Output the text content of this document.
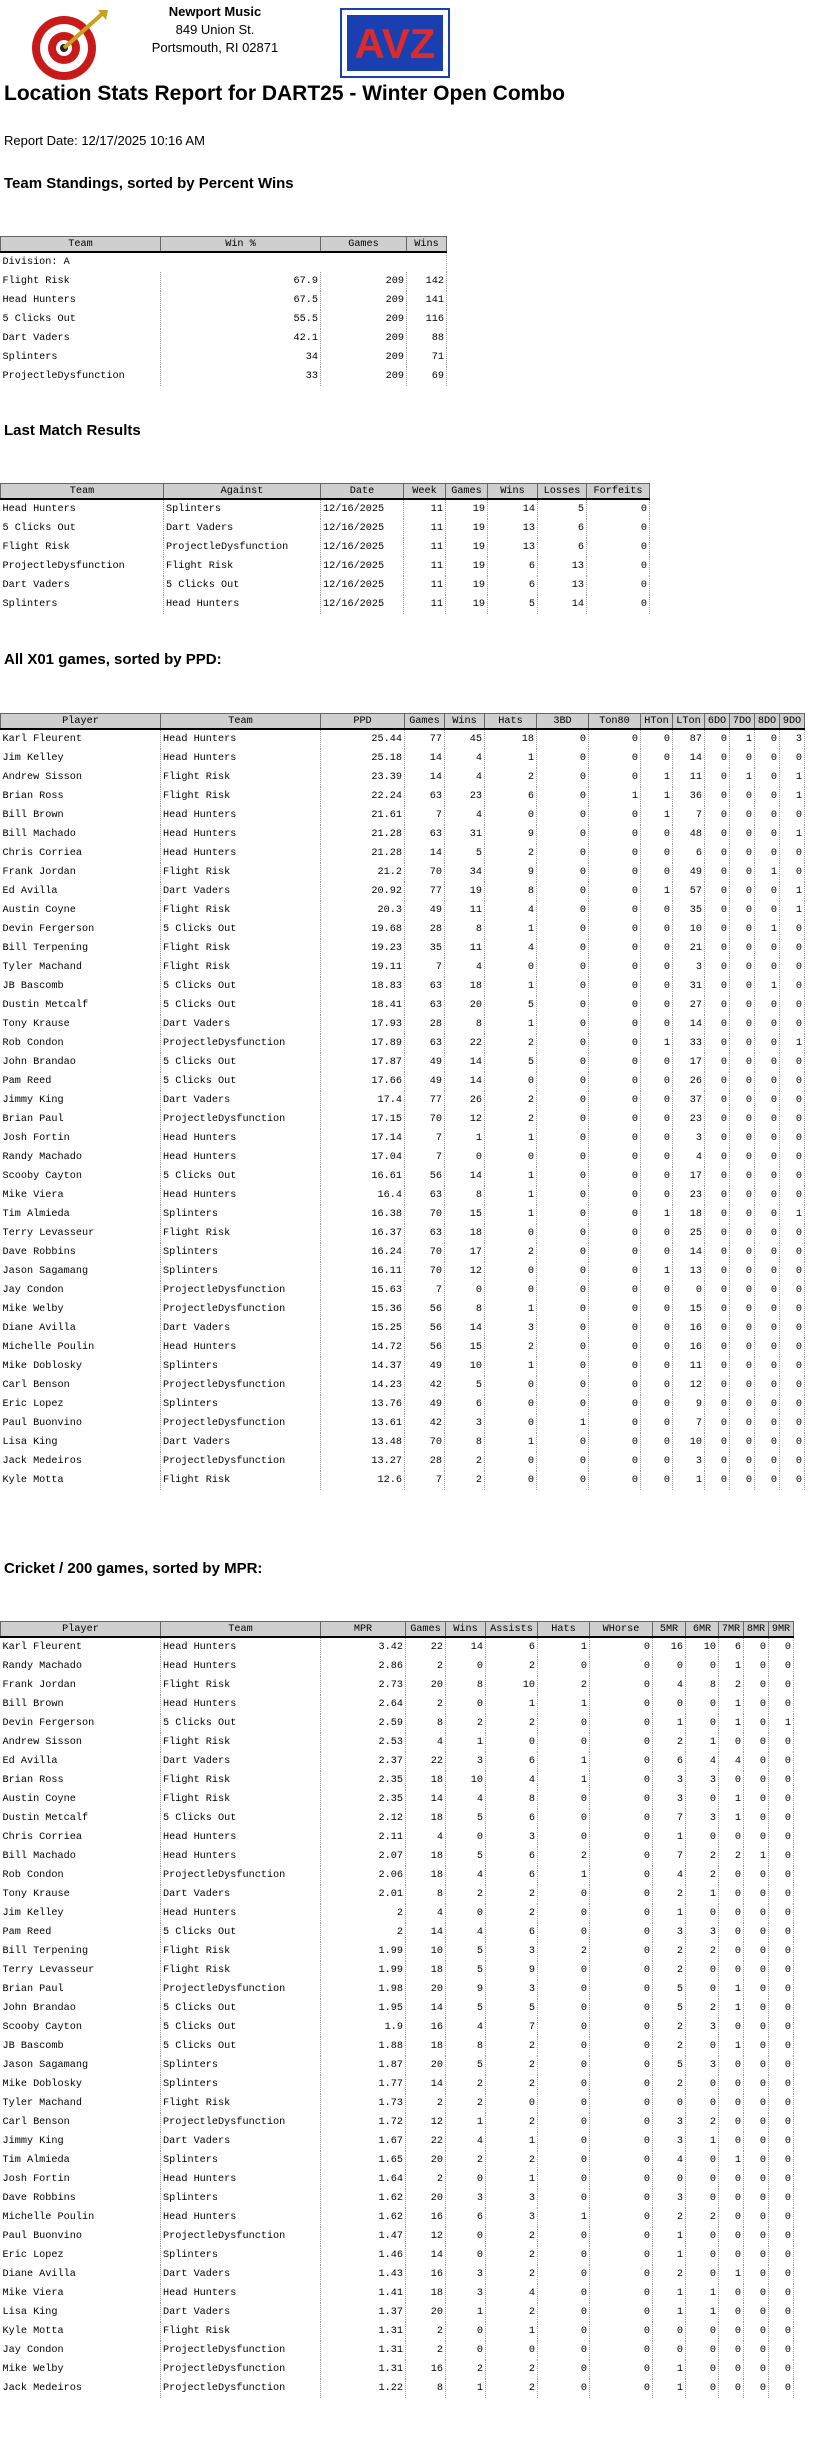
Newport Music
849 Union St.
Portsmouth, RI 02871 AVZ
Location Stats Report for DART25 - Winter Open Combo
Report Date: 12/17/2025 10:16 AM
Team Standings, sorted by Percent Wins
Team	Win %	Games	Wins
Division: A			
Flight Risk	67.9	209	142
Head Hunters	67.5	209	141
5 Clicks Out	55.5	209	116
Dart Vaders	42.1	209	88
Splinters	34	209	71
ProjectleDysfunction	33	209	69
Last Match Results
Team	Against	Date	Week	Games	Wins	Losses	Forfeits
Head Hunters	Splinters	12/16/2025	11	19	14	5	0
5 Clicks Out	Dart Vaders	12/16/2025	11	19	13	6	0
Flight Risk	ProjectleDysfunction	12/16/2025	11	19	13	6	0
ProjectleDysfunction	Flight Risk	12/16/2025	11	19	6	13	0
Dart Vaders	5 Clicks Out	12/16/2025	11	19	6	13	0
Splinters	Head Hunters	12/16/2025	11	19	5	14	0
All X01 games, sorted by PPD:
Player	Team	PPD	Games	Wins	Hats	3BD	Ton80	HTon	LTon	6DO	7DO	8DO	9DO
Karl Fleurent	Head Hunters	25.44	77	45	18	0	0	0	87	0	1	0	3
Jim Kelley	Head Hunters	25.18	14	4	1	0	0	0	14	0	0	0	0
Andrew Sisson	Flight Risk	23.39	14	4	2	0	0	1	11	0	1	0	1
Brian Ross	Flight Risk	22.24	63	23	6	0	1	1	36	0	0	0	1
Bill Brown	Head Hunters	21.61	7	4	0	0	0	1	7	0	0	0	0
Bill Machado	Head Hunters	21.28	63	31	9	0	0	0	48	0	0	0	1
Chris Corriea	Head Hunters	21.28	14	5	2	0	0	0	6	0	0	0	0
Frank Jordan	Flight Risk	21.2	70	34	9	0	0	0	49	0	0	1	0
Ed Avilla	Dart Vaders	20.92	77	19	8	0	0	1	57	0	0	0	1
Austin Coyne	Flight Risk	20.3	49	11	4	0	0	0	35	0	0	0	1
Devin Fergerson	5 Clicks Out	19.68	28	8	1	0	0	0	10	0	0	1	0
Bill Terpening	Flight Risk	19.23	35	11	4	0	0	0	21	0	0	0	0
Tyler Machand	Flight Risk	19.11	7	4	0	0	0	0	3	0	0	0	0
JB Bascomb	5 Clicks Out	18.83	63	18	1	0	0	0	31	0	0	1	0
Dustin Metcalf	5 Clicks Out	18.41	63	20	5	0	0	0	27	0	0	0	0
Tony Krause	Dart Vaders	17.93	28	8	1	0	0	0	14	0	0	0	0
Rob Condon	ProjectleDysfunction	17.89	63	22	2	0	0	1	33	0	0	0	1
John Brandao	5 Clicks Out	17.87	49	14	5	0	0	0	17	0	0	0	0
Pam Reed	5 Clicks Out	17.66	49	14	0	0	0	0	26	0	0	0	0
Jimmy King	Dart Vaders	17.4	77	26	2	0	0	0	37	0	0	0	0
Brian Paul	ProjectleDysfunction	17.15	70	12	2	0	0	0	23	0	0	0	0
Josh Fortin	Head Hunters	17.14	7	1	1	0	0	0	3	0	0	0	0
Randy Machado	Head Hunters	17.04	7	0	0	0	0	0	4	0	0	0	0
Scooby Cayton	5 Clicks Out	16.61	56	14	1	0	0	0	17	0	0	0	0
Mike Viera	Head Hunters	16.4	63	8	1	0	0	0	23	0	0	0	0
Tim Almieda	Splinters	16.38	70	15	1	0	0	1	18	0	0	0	1
Terry Levasseur	Flight Risk	16.37	63	18	0	0	0	0	25	0	0	0	0
Dave Robbins	Splinters	16.24	70	17	2	0	0	0	14	0	0	0	0
Jason Sagamang	Splinters	16.11	70	12	0	0	0	1	13	0	0	0	0
Jay Condon	ProjectleDysfunction	15.63	7	0	0	0	0	0	0	0	0	0	0
Mike Welby	ProjectleDysfunction	15.36	56	8	1	0	0	0	15	0	0	0	0
Diane Avilla	Dart Vaders	15.25	56	14	3	0	0	0	16	0	0	0	0
Michelle Poulin	Head Hunters	14.72	56	15	2	0	0	0	16	0	0	0	0
Mike Doblosky	Splinters	14.37	49	10	1	0	0	0	11	0	0	0	0
Carl Benson	ProjectleDysfunction	14.23	42	5	0	0	0	0	12	0	0	0	0
Eric Lopez	Splinters	13.76	49	6	0	0	0	0	9	0	0	0	0
Paul Buonvino	ProjectleDysfunction	13.61	42	3	0	1	0	0	7	0	0	0	0
Lisa King	Dart Vaders	13.48	70	8	1	0	0	0	10	0	0	0	0
Jack Medeiros	ProjectleDysfunction	13.27	28	2	0	0	0	0	3	0	0	0	0
Kyle Motta	Flight Risk	12.6	7	2	0	0	0	0	1	0	0	0	0
Cricket / 200 games, sorted by MPR:
Player	Team	MPR	Games	Wins	Assists	Hats	WHorse	5MR	6MR	7MR	8MR	9MR
Karl Fleurent	Head Hunters	3.42	22	14	6	1	0	16	10	6	0	0
Randy Machado	Head Hunters	2.86	2	0	2	0	0	0	0	1	0	0
Frank Jordan	Flight Risk	2.73	20	8	10	2	0	4	8	2	0	0
Bill Brown	Head Hunters	2.64	2	0	1	1	0	0	0	1	0	0
Devin Fergerson	5 Clicks Out	2.59	8	2	2	0	0	1	0	1	0	1
Andrew Sisson	Flight Risk	2.53	4	1	0	0	0	2	1	0	0	0
Ed Avilla	Dart Vaders	2.37	22	3	6	1	0	6	4	4	0	0
Brian Ross	Flight Risk	2.35	18	10	4	1	0	3	3	0	0	0
Austin Coyne	Flight Risk	2.35	14	4	8	0	0	3	0	1	0	0
Dustin Metcalf	5 Clicks Out	2.12	18	5	6	0	0	7	3	1	0	0
Chris Corriea	Head Hunters	2.11	4	0	3	0	0	1	0	0	0	0
Bill Machado	Head Hunters	2.07	18	5	6	2	0	7	2	2	1	0
Rob Condon	ProjectleDysfunction	2.06	18	4	6	1	0	4	2	0	0	0
Tony Krause	Dart Vaders	2.01	8	2	2	0	0	2	1	0	0	0
Jim Kelley	Head Hunters	2	4	0	2	0	0	1	0	0	0	0
Pam Reed	5 Clicks Out	2	14	4	6	0	0	3	3	0	0	0
Bill Terpening	Flight Risk	1.99	10	5	3	2	0	2	2	0	0	0
Terry Levasseur	Flight Risk	1.99	18	5	9	0	0	2	0	0	0	0
Brian Paul	ProjectleDysfunction	1.98	20	9	3	0	0	5	0	1	0	0
John Brandao	5 Clicks Out	1.95	14	5	5	0	0	5	2	1	0	0
Scooby Cayton	5 Clicks Out	1.9	16	4	7	0	0	2	3	0	0	0
JB Bascomb	5 Clicks Out	1.88	18	8	2	0	0	2	0	1	0	0
Jason Sagamang	Splinters	1.87	20	5	2	0	0	5	3	0	0	0
Mike Doblosky	Splinters	1.77	14	2	2	0	0	2	0	0	0	0
Tyler Machand	Flight Risk	1.73	2	2	0	0	0	0	0	0	0	0
Carl Benson	ProjectleDysfunction	1.72	12	1	2	0	0	3	2	0	0	0
Jimmy King	Dart Vaders	1.67	22	4	1	0	0	3	1	0	0	0
Tim Almieda	Splinters	1.65	20	2	2	0	0	4	0	1	0	0
Josh Fortin	Head Hunters	1.64	2	0	1	0	0	0	0	0	0	0
Dave Robbins	Splinters	1.62	20	3	3	0	0	3	0	0	0	0
Michelle Poulin	Head Hunters	1.62	16	6	3	1	0	2	2	0	0	0
Paul Buonvino	ProjectleDysfunction	1.47	12	0	2	0	0	1	0	0	0	0
Eric Lopez	Splinters	1.46	14	0	2	0	0	1	0	0	0	0
Diane Avilla	Dart Vaders	1.43	16	3	2	0	0	2	0	1	0	0
Mike Viera	Head Hunters	1.41	18	3	4	0	0	1	1	0	0	0
Lisa King	Dart Vaders	1.37	20	1	2	0	0	1	1	0	0	0
Kyle Motta	Flight Risk	1.31	2	0	1	0	0	0	0	0	0	0
Jay Condon	ProjectleDysfunction	1.31	2	0	0	0	0	0	0	0	0	0
Mike Welby	ProjectleDysfunction	1.31	16	2	2	0	0	1	0	0	0	0
Jack Medeiros	ProjectleDysfunction	1.22	8	1	2	0	0	1	0	0	0	0
